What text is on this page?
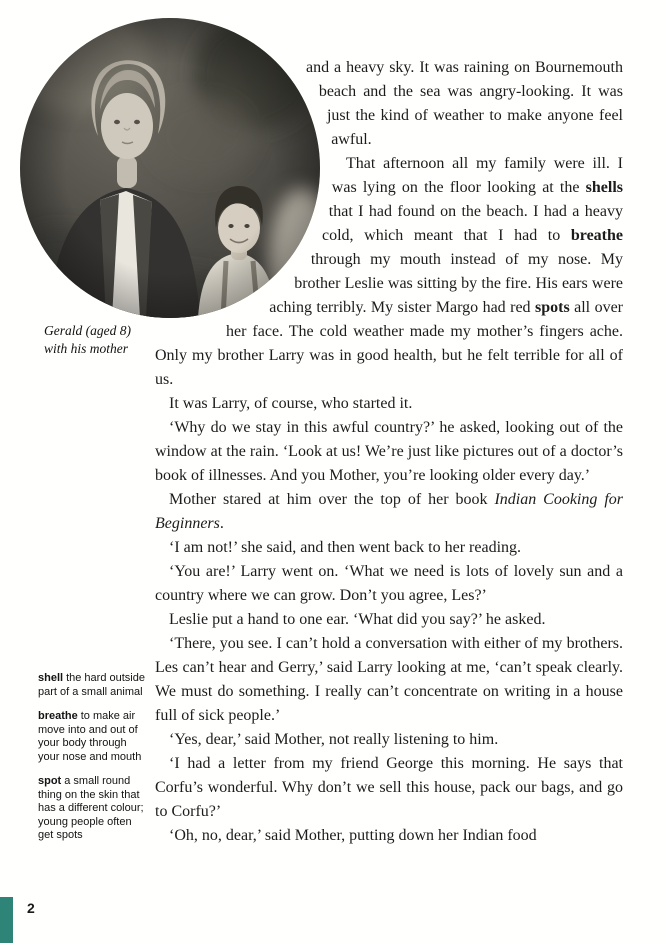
Gerald (aged 8)
with his mother

and a heavy sky. It was raining on Bournemouth beach and the sea was angry-looking. It was just the kind of weather to make anyone feel awful.

That afternoon all my family were ill. I was lying on the floor looking at the shells that I had found on the beach. I had a heavy cold, which meant that I had to breathe through my mouth instead of my nose. My brother Leslie was sitting by the fire. His ears were aching terribly. My sister Margo had red spots all over her face. The cold weather made my mother’s fingers ache. Only my brother Larry was in good health, but he felt terrible for all of us.

It was Larry, of course, who started it.

‘Why do we stay in this awful country?’ he asked, looking out of the window at the rain. ‘Look at us! We’re just like pictures out of a doctor’s book of illnesses. And you Mother, you’re looking older every day.’

Mother stared at him over the top of her book Indian Cooking for Beginners.

‘I am not!’ she said, and then went back to her reading.

‘You are!’ Larry went on. ‘What we need is lots of lovely sun and a country where we can grow. Don’t you agree, Les?’

Leslie put a hand to one ear. ‘What did you say?’ he asked.

‘There, you see. I can’t hold a conversation with either of my brothers. Les can’t hear and Gerry,’ said Larry looking at me, ‘can’t speak clearly. We must do something. I really can’t concentrate on writing in a house full of sick people.’

‘Yes, dear,’ said Mother, not really listening to him.

‘I had a letter from my friend George this morning. He says that Corfu’s wonderful. Why don’t we sell this house, pack our bags, and go to Corfu?’

‘Oh, no, dear,’ said Mother, putting down her Indian food

shell the hard outside part of a small animal
breathe to make air move into and out of your body through your nose and mouth
spot a small round thing on the skin that has a different colour; young people often get spots
2
